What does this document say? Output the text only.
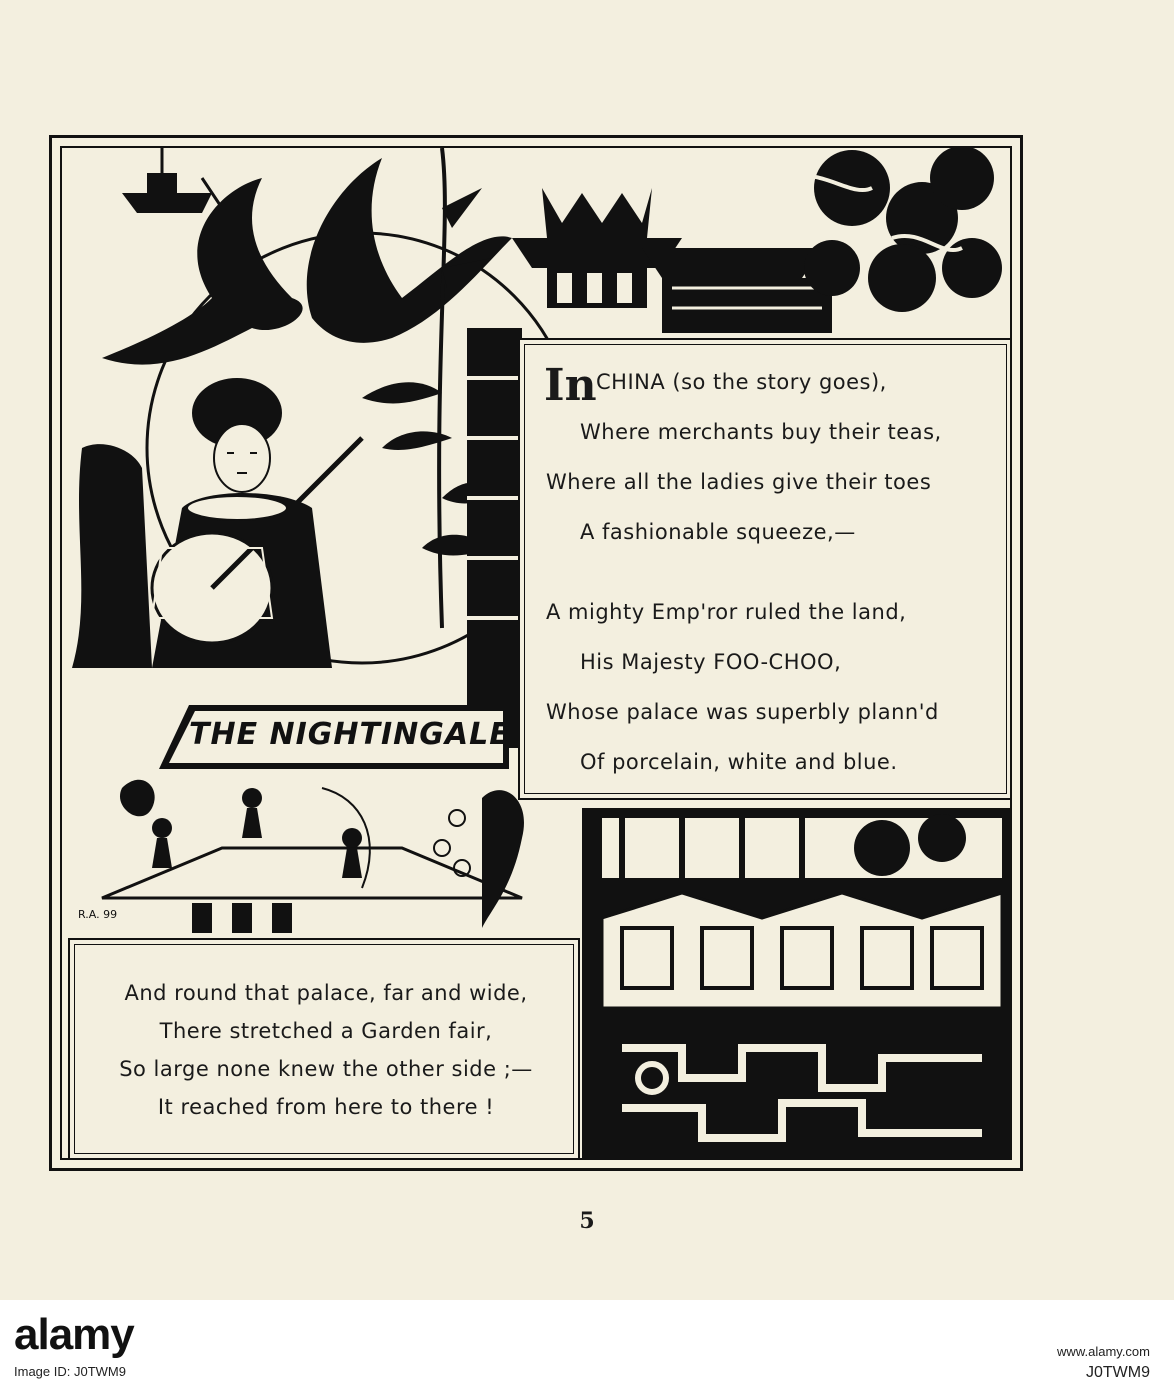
THE NIGHTINGALE
R.A. 99
In CHINA (so the story goes),
Where merchants buy their teas,
Where all the ladies give their toes
A fashionable squeeze,—
A mighty Emp'ror ruled the land,
His Majesty FOO-CHOO,
Whose palace was superbly plann'd
Of porcelain, white and blue.
And round that palace, far and wide,
There stretched a Garden fair,
So large none knew the other side ;—
It reached from here to there !
5
alamy
Image ID: J0TWM9
www.alamy.com
J0TWM9
